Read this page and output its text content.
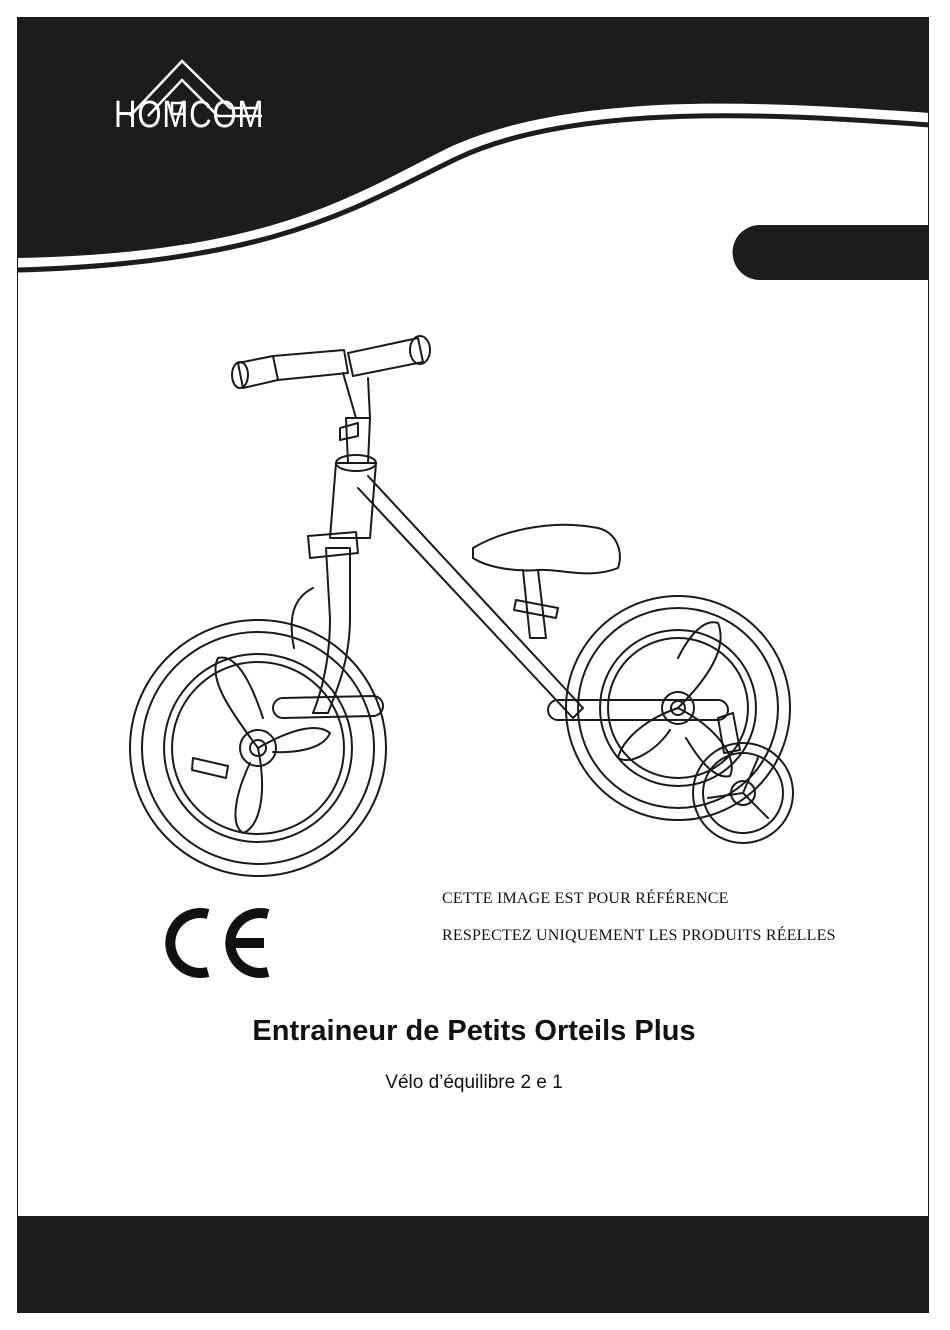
HOMCOM
CETTE IMAGE EST POUR RÉFÉRENCE
RESPECTEZ UNIQUEMENT LES PRODUITS RÉELLES
Entraineur de Petits Orteils Plus
Vélo d’équilibre 2 e 1
